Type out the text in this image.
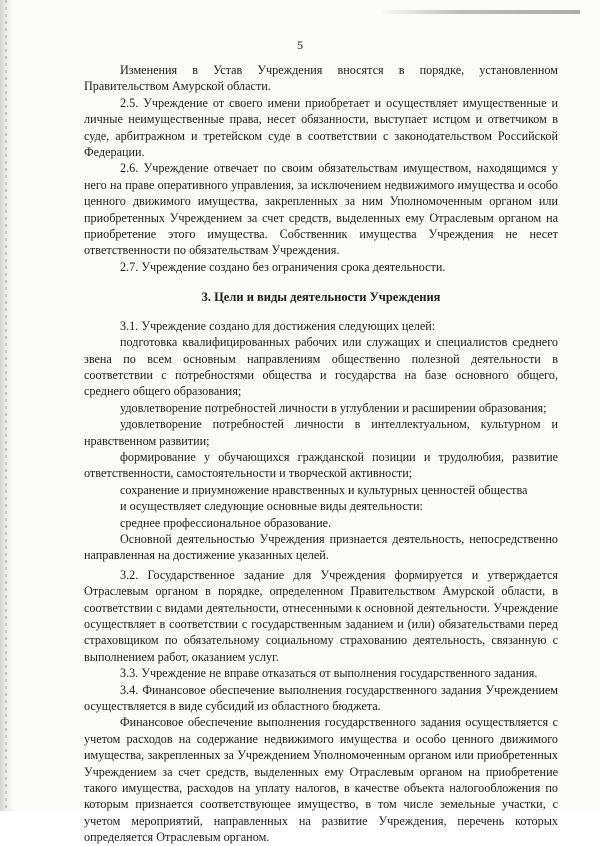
5

Изменения в Устав Учреждения вносятся в порядке, установленном Правительством Амурской области.

2.5. Учреждение от своего имени приобретает и осуществляет имущественные и личные неимущественные права, несет обязанности, выступает истцом и ответчиком в суде, арбитражном и третейском суде в соответствии с законодательством Российской Федерации.

2.6. Учреждение отвечает по своим обязательствам имуществом, находящимся у него на праве оперативного управления, за исключением недвижимого имущества и особо ценного движимого имущества, закрепленных за ним Уполномоченным органом или приобретенных Учреждением за счет средств, выделенных ему Отраслевым органом на приобретение этого имущества. Собственник имущества Учреждения не несет ответственности по обязательствам Учреждения.

2.7. Учреждение создано без ограничения срока деятельности.

3. Цели и виды деятельности Учреждения

3.1. Учреждение создано для достижения следующих целей:

подготовка квалифицированных рабочих или служащих и специалистов среднего звена по всем основным направлениям общественно полезной деятельности в соответствии с потребностями общества и государства на базе основного общего, среднего общего образования;

удовлетворение потребностей личности в углублении и расширении образования;

удовлетворение потребностей личности в интеллектуальном, культурном и нравственном развитии;

формирование у обучающихся гражданской позиции и трудолюбия, развитие ответственности, самостоятельности и творческой активности;

сохранение и приумножение нравственных и культурных ценностей общества

и осуществляет следующие основные виды деятельности:

среднее профессиональное образование.

Основной деятельностью Учреждения признается деятельность, непосредственно направленная на достижение указанных целей.

3.2. Государственное задание для Учреждения формируется и утверждается Отраслевым органом в порядке, определенном Правительством Амурской области, в соответствии с видами деятельности, отнесенными к основной деятельности. Учреждение осуществляет в соответствии с государственным заданием и (или) обязательствами перед страховщиком по обязательному социальному страхованию деятельность, связанную с выполнением работ, оказанием услуг.

3.3. Учреждение не вправе отказаться от выполнения государственного задания.

3.4. Финансовое обеспечение выполнения государственного задания Учреждением осуществляется в виде субсидий из областного бюджета.

Финансовое обеспечение выполнения государственного задания осуществляется с учетом расходов на содержание недвижимого имущества и особо ценного движимого имущества, закрепленных за Учреждением Уполномоченным органом или приобретенных Учреждением за счет средств, выделенных ему Отраслевым органом на приобретение такого имущества, расходов на уплату налогов, в качестве объекта налогообложения по которым признается соответствующее имущество, в том числе земельные участки, с учетом мероприятий, направленных на развитие Учреждения, перечень которых определяется Отраслевым органом.
